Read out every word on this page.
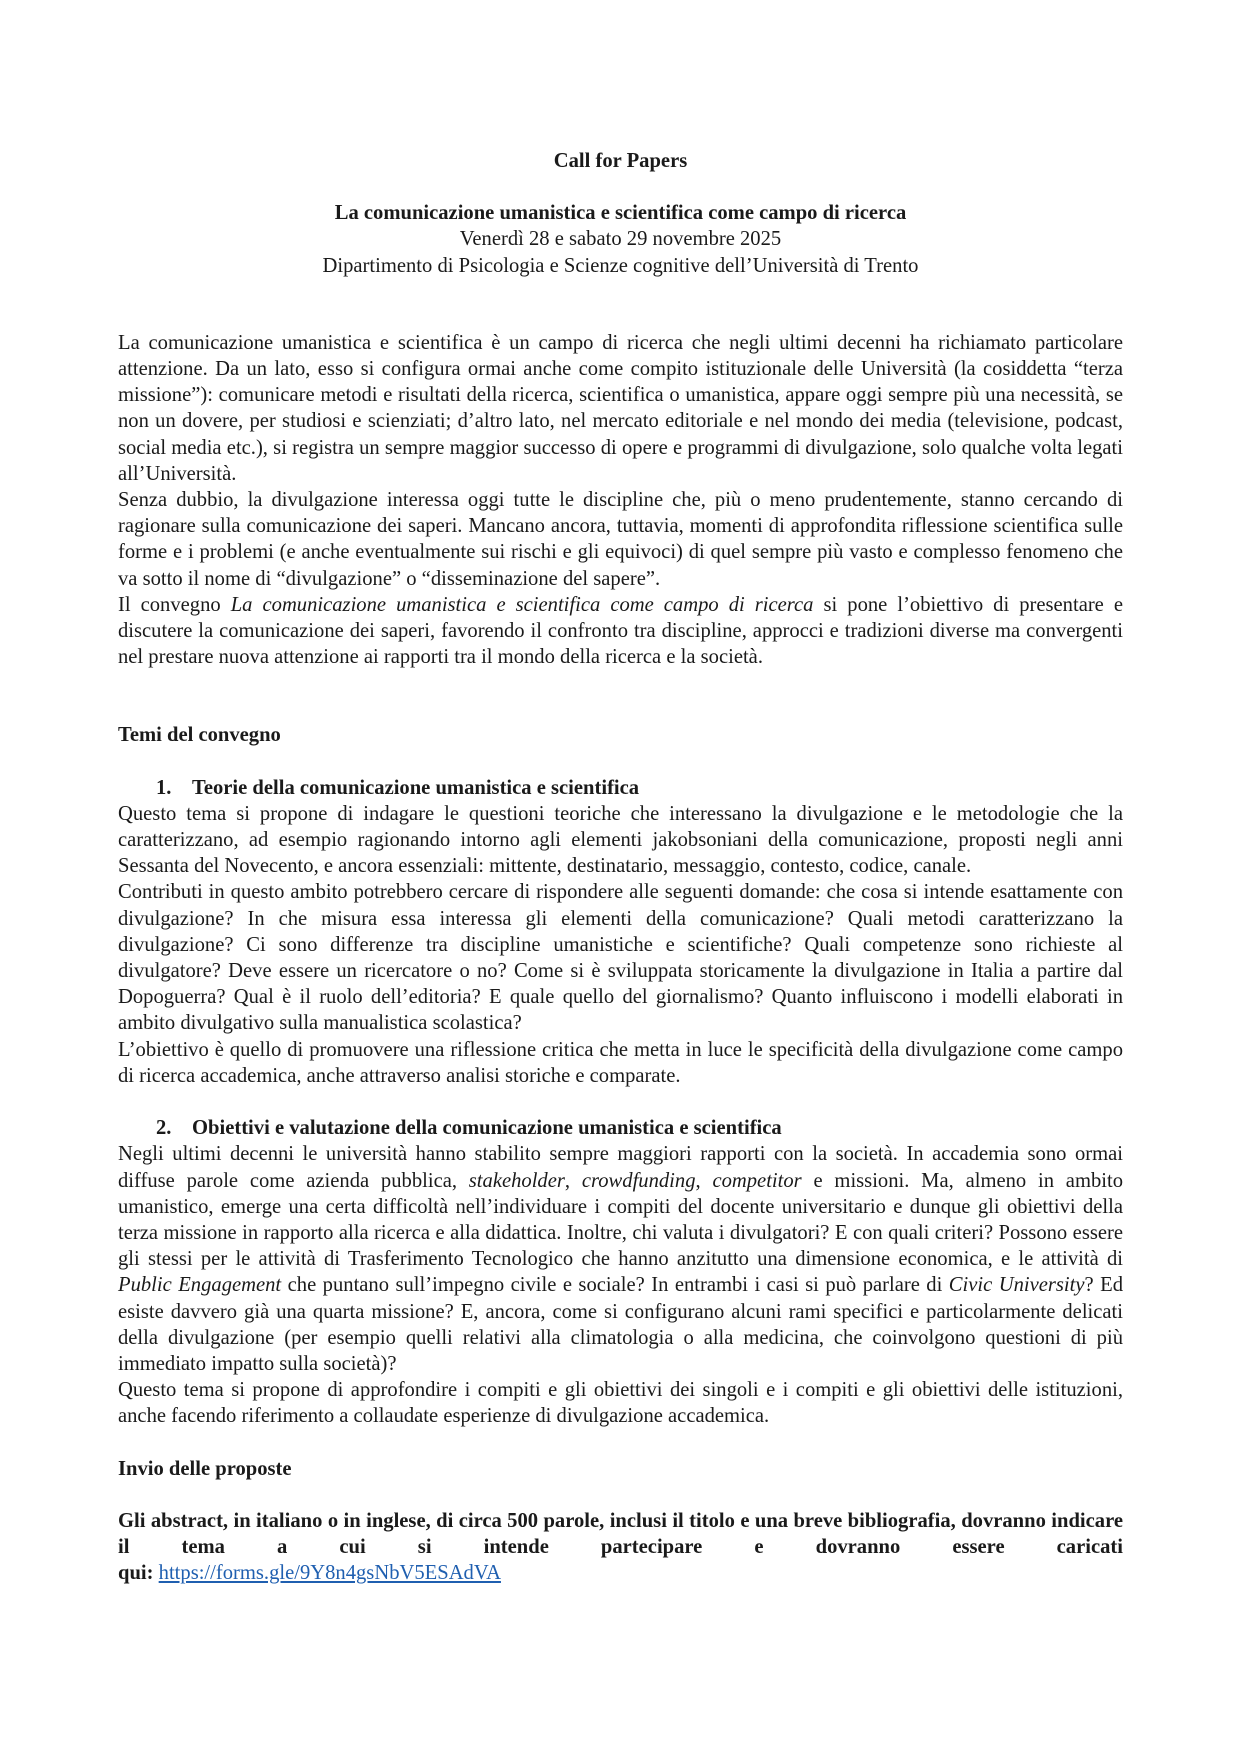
Call for Papers

La comunicazione umanistica e scientifica come campo di ricerca
Venerdì 28 e sabato 29 novembre 2025
Dipartimento di Psicologia e Scienze cognitive dell’Università di Trento

La comunicazione umanistica e scientifica è un campo di ricerca che negli ultimi decenni ha richiamato particolare attenzione. Da un lato, esso si configura ormai anche come compito istituzionale delle Università (la cosiddetta “terza missione”): comunicare metodi e risultati della ricerca, scientifica o umanistica, appare oggi sempre più una necessità, se non un dovere, per studiosi e scienziati; d’altro lato, nel mercato editoriale e nel mondo dei media (televisione, podcast, social media etc.), si registra un sempre maggior successo di opere e programmi di divulgazione, solo qualche volta legati all’Università.

Senza dubbio, la divulgazione interessa oggi tutte le discipline che, più o meno prudentemente, stanno cercando di ragionare sulla comunicazione dei saperi. Mancano ancora, tuttavia, momenti di approfondita riflessione scientifica sulle forme e i problemi (e anche eventualmente sui rischi e gli equivoci) di quel sempre più vasto e complesso fenomeno che va sotto il nome di “divulgazione” o “disseminazione del sapere”.

Il convegno La comunicazione umanistica e scientifica come campo di ricerca si pone l’obiettivo di presentare e discutere la comunicazione dei saperi, favorendo il confronto tra discipline, approcci e tradizioni diverse ma convergenti nel prestare nuova attenzione ai rapporti tra il mondo della ricerca e la società.

Temi del convegno

1. Teorie della comunicazione umanistica e scientifica

Questo tema si propone di indagare le questioni teoriche che interessano la divulgazione e le metodologie che la caratterizzano, ad esempio ragionando intorno agli elementi jakobsoniani della comunicazione, proposti negli anni Sessanta del Novecento, e ancora essenziali: mittente, destinatario, messaggio, contesto, codice, canale.

Contributi in questo ambito potrebbero cercare di rispondere alle seguenti domande: che cosa si intende esattamente con divulgazione? In che misura essa interessa gli elementi della comunicazione? Quali metodi caratterizzano la divulgazione? Ci sono differenze tra discipline umanistiche e scientifiche? Quali competenze sono richieste al divulgatore? Deve essere un ricercatore o no? Come si è sviluppata storicamente la divulgazione in Italia a partire dal Dopoguerra? Qual è il ruolo dell’editoria? E quale quello del giornalismo? Quanto influiscono i modelli elaborati in ambito divulgativo sulla manualistica scolastica?

L’obiettivo è quello di promuovere una riflessione critica che metta in luce le specificità della divulgazione come campo di ricerca accademica, anche attraverso analisi storiche e comparate.

2. Obiettivi e valutazione della comunicazione umanistica e scientifica

Negli ultimi decenni le università hanno stabilito sempre maggiori rapporti con la società. In accademia sono ormai diffuse parole come azienda pubblica, stakeholder, crowdfunding, competitor e missioni. Ma, almeno in ambito umanistico, emerge una certa difficoltà nell’individuare i compiti del docente universitario e dunque gli obiettivi della terza missione in rapporto alla ricerca e alla didattica. Inoltre, chi valuta i divulgatori? E con quali criteri? Possono essere gli stessi per le attività di Trasferimento Tecnologico che hanno anzitutto una dimensione economica, e le attività di Public Engagement che puntano sull’impegno civile e sociale? In entrambi i casi si può parlare di Civic University? Ed esiste davvero già una quarta missione? E, ancora, come si configurano alcuni rami specifici e particolarmente delicati della divulgazione (per esempio quelli relativi alla climatologia o alla medicina, che coinvolgono questioni di più immediato impatto sulla società)?

Questo tema si propone di approfondire i compiti e gli obiettivi dei singoli e i compiti e gli obiettivi delle istituzioni, anche facendo riferimento a collaudate esperienze di divulgazione accademica.

Invio delle proposte

Gli abstract, in italiano o in inglese, di circa 500 parole, inclusi il titolo e una breve bibliografia, dovranno indicare il tema a cui si intende partecipare e dovranno essere caricati
qui: https://forms.gle/9Y8n4gsNbV5ESAdVA
